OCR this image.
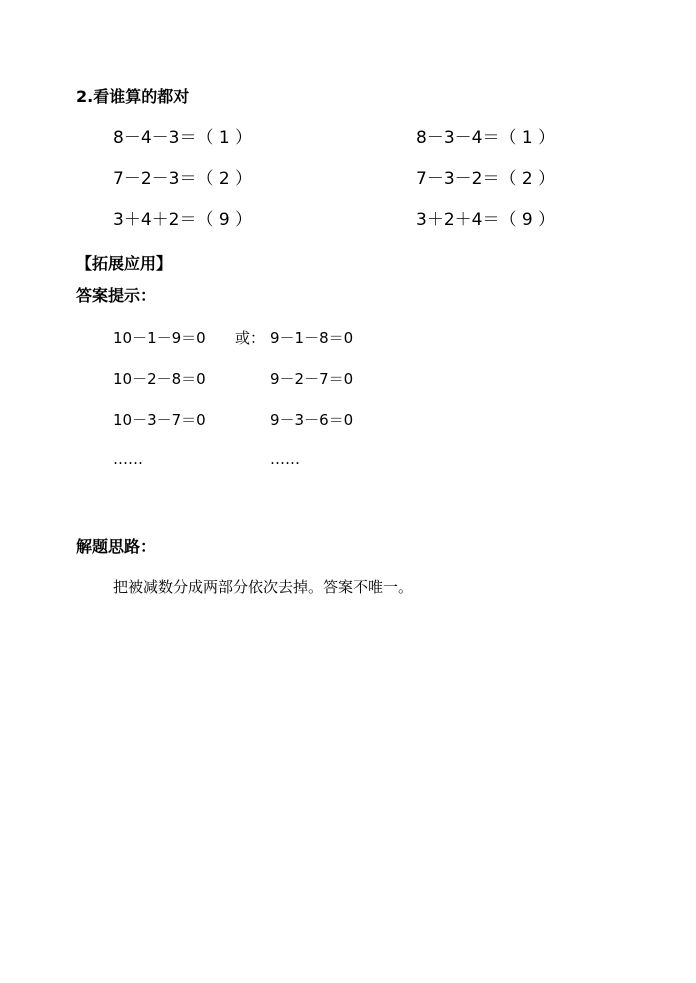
2.看谁算的都对
8－4－3＝（ 1 ）	8－3－4＝（ 1 ）
7－2－3＝（ 2 ）	7－3－2＝（ 2 ）
3＋4＋2＝（ 9 ）	3＋2＋4＝（ 9 ）
【拓展应用】
答案提示：
10－1－9＝0 或： 9－1－8＝0
10－2－8＝0	9－2－7＝0
10－3－7＝0	9－3－6＝0
……	……
解题思路：
把被减数分成两部分依次去掉。答案不唯一。
